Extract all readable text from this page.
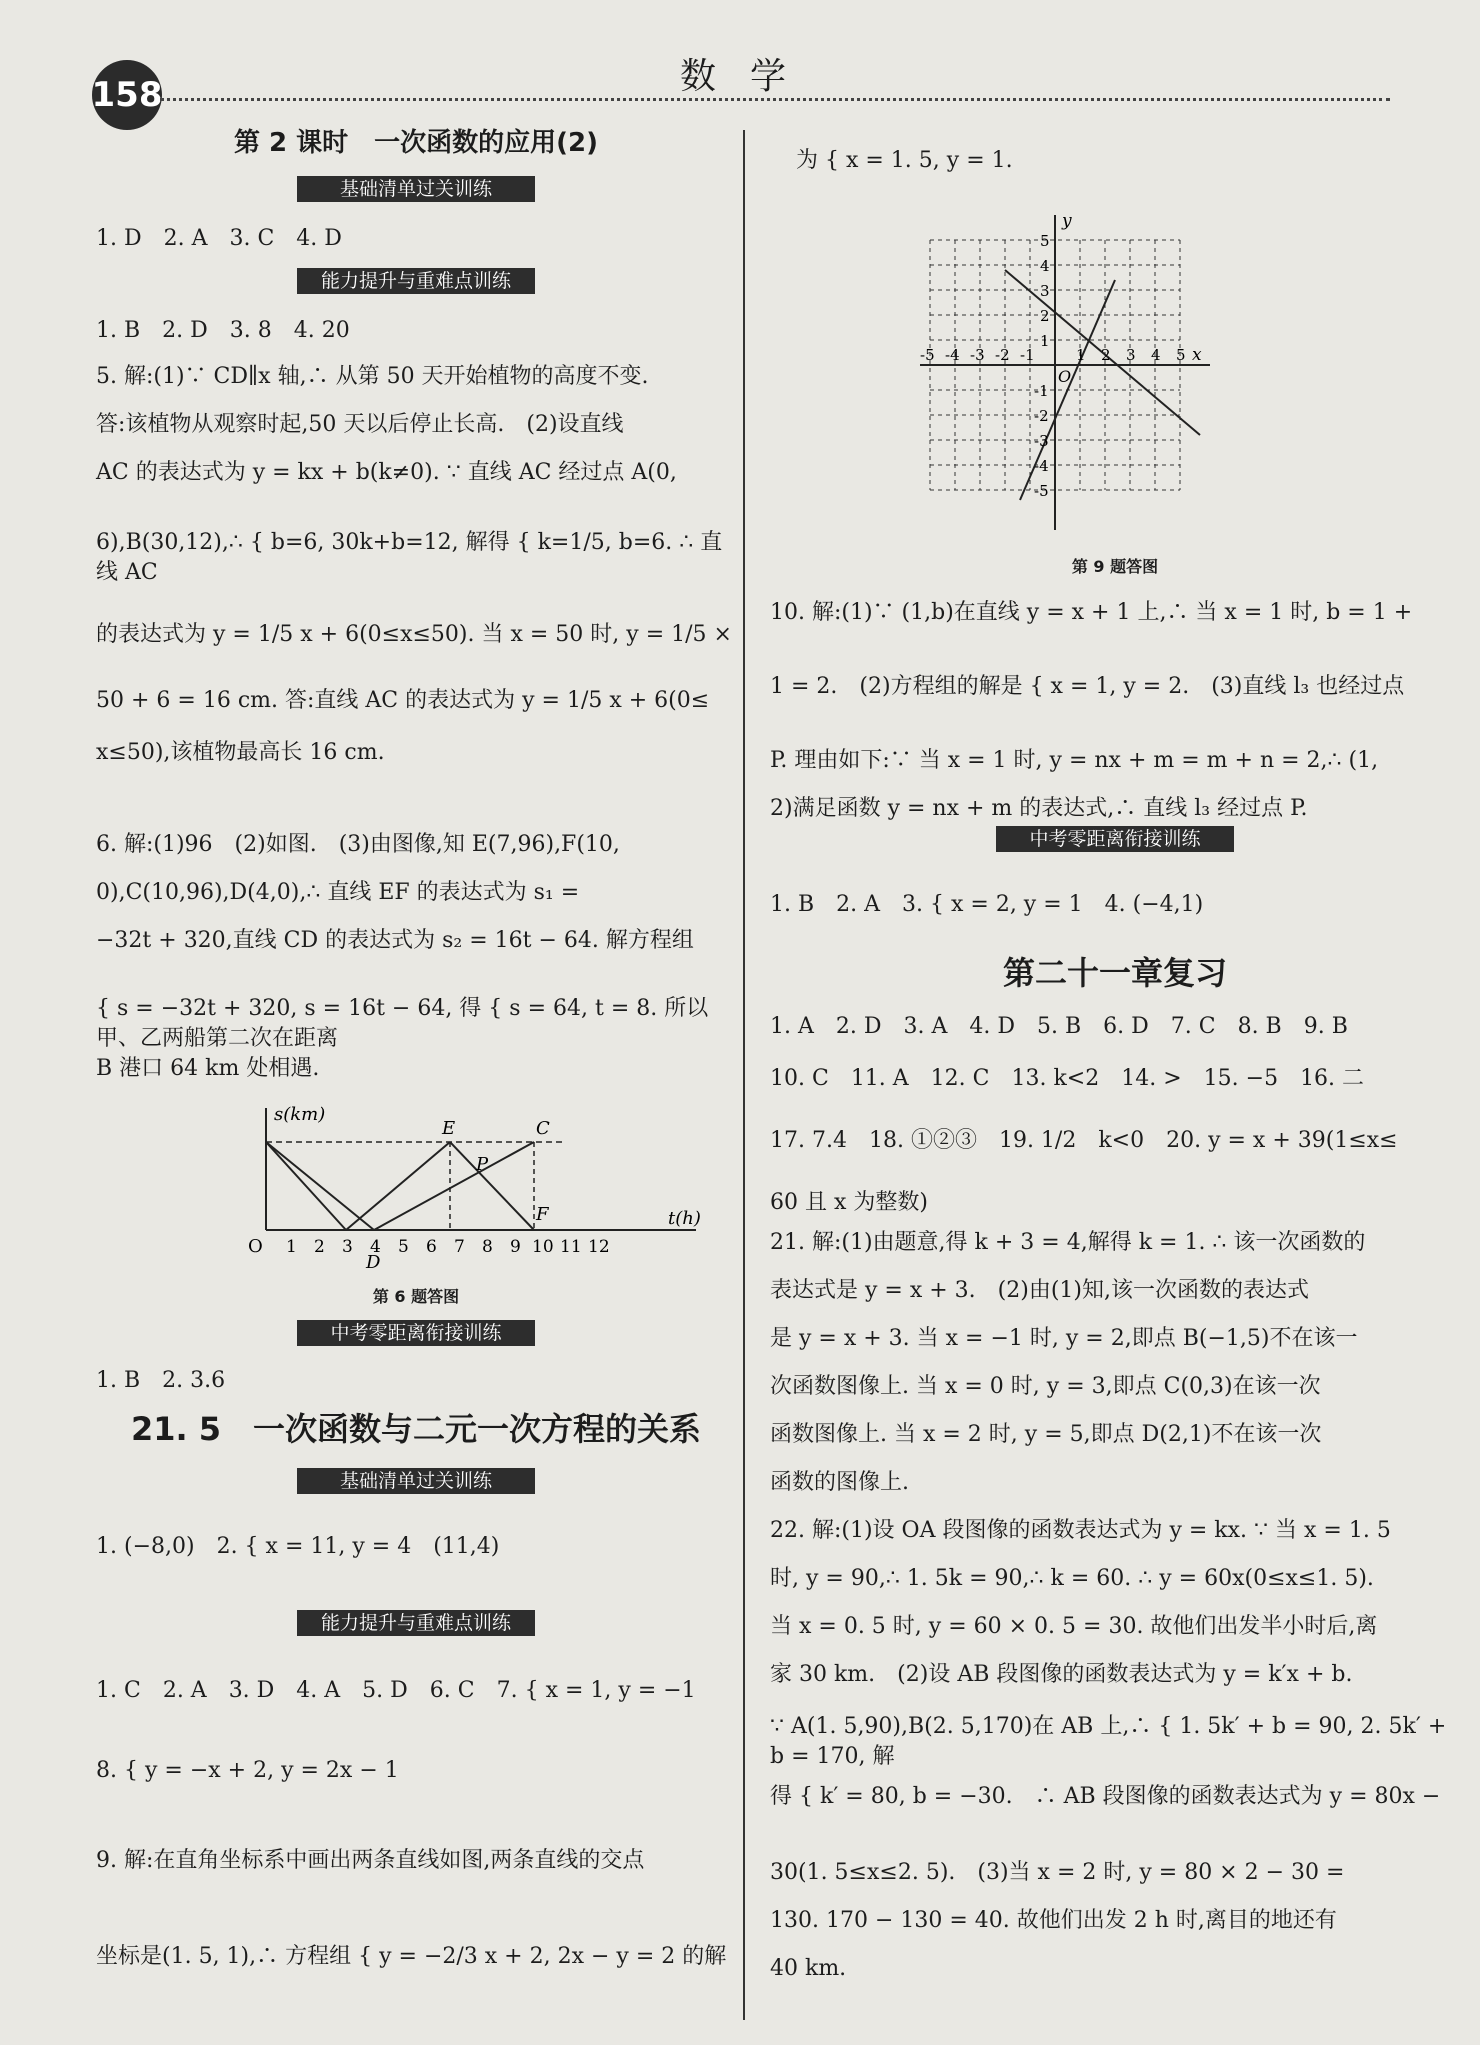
158	数学
第 2 课时　一次函数的应用(2)
基础清单过关训练
1. D　2. A　3. C　4. D
能力提升与重难点训练
1. B　2. D　3. 8　4. 20
5. 解:(1)∵ CD∥x 轴,∴ 从第 50 天开始植物的高度不变.
答:该植物从观察时起,50 天以后停止长高.　(2)设直线
AC 的表达式为 y = kx + b(k≠0). ∵ 直线 AC 经过点 A(0,
6),B(30,12),∴ { b=6, 30k+b=12, 解得 { k=1/5, b=6. ∴ 直线 AC
的表达式为 y = 1/5 x + 6(0≤x≤50). 当 x = 50 时, y = 1/5 ×
50 + 6 = 16 cm. 答:直线 AC 的表达式为 y = 1/5 x + 6(0≤
x≤50),该植物最高长 16 cm.
6. 解:(1)96　(2)如图.　(3)由图像,知 E(7,96),F(10,
0),C(10,96),D(4,0),∴ 直线 EF 的表达式为 s₁ =
−32t + 320,直线 CD 的表达式为 s₂ = 16t − 64. 解方程组
{ s = −32t + 320, s = 16t − 64, 得 { s = 64, t = 8. 所以甲、乙两船第二次在距离
B 港口 64 km 处相遇.
s(km)
t(h)
O 1 2 3 4 5 6 7 8 9 10 11 12
E	C
P
F
D
第 6 题答图
中考零距离衔接训练
1. B　2. 3.6
21. 5　一次函数与二元一次方程的关系
基础清单过关训练
1. (−8,0)　2. { x = 11, y = 4　(11,4)
能力提升与重难点训练
1. C　2. A　3. D　4. A　5. D　6. C　7. { x = 1, y = −1
8. { y = −x + 2, y = 2x − 1
9. 解:在直角坐标系中画出两条直线如图,两条直线的交点
坐标是(1. 5, 1),∴ 方程组 { y = −2/3 x + 2, 2x − y = 2 的解
为 { x = 1. 5, y = 1.
x
y
O
-5 -4 -3 -2 -1	1 2 3 4 5
5
4
3
2
1
-1
-2
-3
-4
-5
第 9 题答图
10. 解:(1)∵ (1,b)在直线 y = x + 1 上,∴ 当 x = 1 时, b = 1 +
1 = 2.　(2)方程组的解是 { x = 1, y = 2.　(3)直线 l₃ 也经过点
P. 理由如下:∵ 当 x = 1 时, y = nx + m = m + n = 2,∴ (1,
2)满足函数 y = nx + m 的表达式,∴ 直线 l₃ 经过点 P.
中考零距离衔接训练
1. B　2. A　3. { x = 2, y = 1　4. (−4,1)
第二十一章复习
1. A　2. D　3. A　4. D　5. B　6. D　7. C　8. B　9. B
10. C　11. A　12. C　13. k<2　14. >　15. −5　16. 二
17. 7.4　18. ①②③　19. 1/2　k<0　20. y = x + 39(1≤x≤
60 且 x 为整数)
21. 解:(1)由题意,得 k + 3 = 4,解得 k = 1. ∴ 该一次函数的
表达式是 y = x + 3.　(2)由(1)知,该一次函数的表达式
是 y = x + 3. 当 x = −1 时, y = 2,即点 B(−1,5)不在该一
次函数图像上. 当 x = 0 时, y = 3,即点 C(0,3)在该一次
函数图像上. 当 x = 2 时, y = 5,即点 D(2,1)不在该一次
函数的图像上.
22. 解:(1)设 OA 段图像的函数表达式为 y = kx. ∵ 当 x = 1. 5
时, y = 90,∴ 1. 5k = 90,∴ k = 60. ∴ y = 60x(0≤x≤1. 5).
当 x = 0. 5 时, y = 60 × 0. 5 = 30. 故他们出发半小时后,离
家 30 km.　(2)设 AB 段图像的函数表达式为 y = k′x + b.
∵ A(1. 5,90),B(2. 5,170)在 AB 上,∴ { 1. 5k′ + b = 90, 2. 5k′ + b = 170, 解
得 { k′ = 80, b = −30.　∴ AB 段图像的函数表达式为 y = 80x −
30(1. 5≤x≤2. 5).　(3)当 x = 2 时, y = 80 × 2 − 30 =
130. 170 − 130 = 40. 故他们出发 2 h 时,离目的地还有
40 km.
